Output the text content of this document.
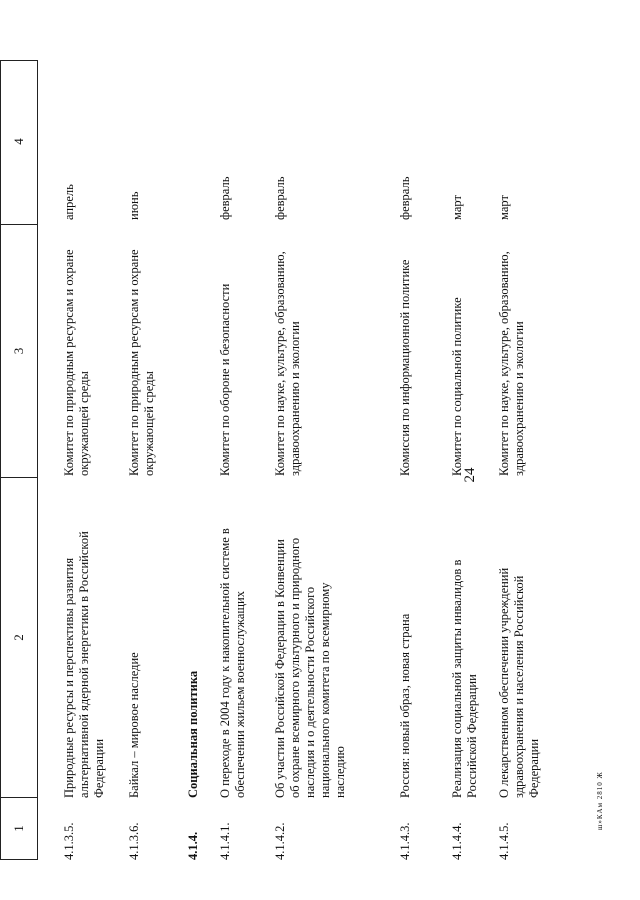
1
2
3
4
4.1.3.5.
Природные ресурсы и перспективы развития альтернативной ядерной энергетики в Российской Федерации
Комитет по природным ресурсам и охране окружающей среды
апрель
4.1.3.6.
Байкал – мировое наследие
Комитет по природным ресурсам и охране окружающей среды
июнь
4.1.4.
Социальная политика
4.1.4.1.
О переходе в 2004 году к накопительной системе в обеспечении жильем военнослужащих
Комитет по обороне и безопасности
февраль
4.1.4.2.
Об участии Российской Федерации в Конвенции об охране всемирного культурного и природного наследия и о деятельности Российского национального комитета по всемирному наследию
Комитет по науке, культуре, образованию, здравоохранению и экологии
февраль
4.1.4.3.
Россия: новый образ, новая страна
Комиссия по информационной политике
февраль
4.1.4.4.
Реализация социальной защиты инвалидов в Российской Федерации
Комитет по социальной политике
март
4.1.4.5.
О лекарственном обеспечении учреждений здравоохранения и населения Российской Федерации
Комитет по науке, культуре, образованию, здравоохранению и экологии
март
24
ш»КАм 2810 Ж
